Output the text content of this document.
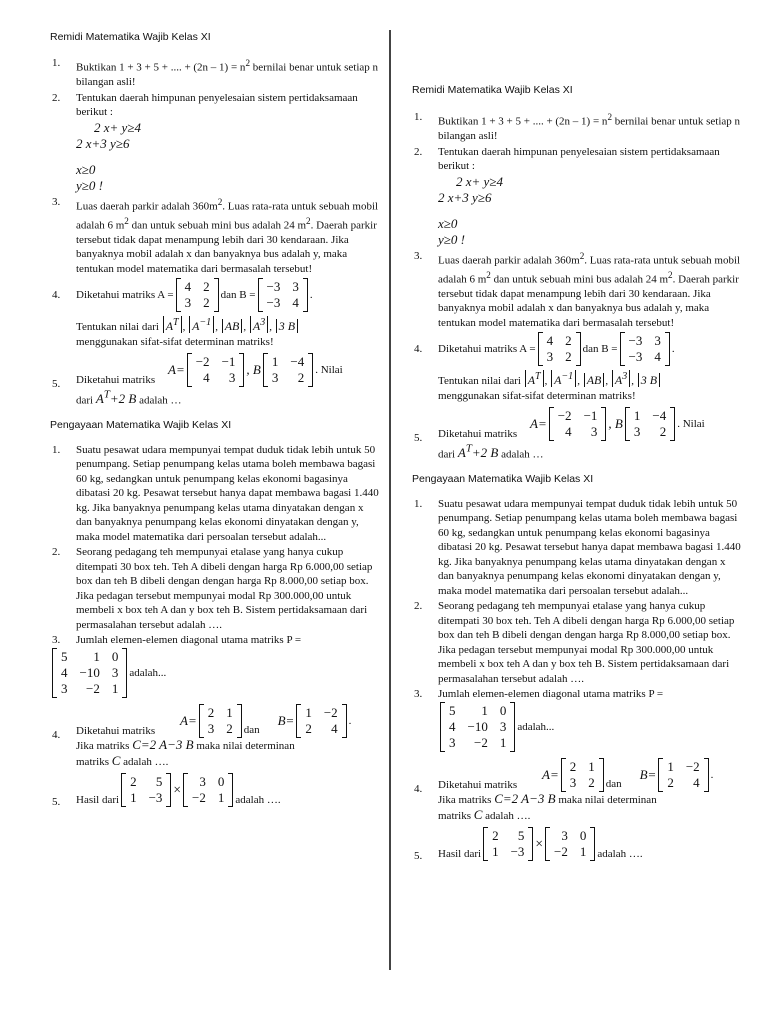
Remidi Matematika Wajib Kelas XI

1. Buktikan 1 + 3 + 5 + .... + $(2n - 1) = n^2$ bernilai benar untuk setiap n bilangan asli!
2. Tentukan daerah himpunan penyelesaian sistem pertidaksamaan berikut :
2 x+ y≥4
2 x+3 y≥6
x≥0
y≥0 !
3. Luas daerah parkir adalah $360m^2$. Luas rata-rata untuk sebuah mobil adalah 6 $m^2$ dan untuk sebuah mini bus adalah 24 $m^2$. Daerah parkir tersebut tidak dapat menampung lebih dari 30 kendaraan. Jika banyaknya mobil adalah x dan banyaknya bus adalah y, maka tentukan model matematika dari bermasalah tersebut!
4. Diketahui matriks A =
4 2
3 2
dan B =
−3 3
−3 4
.
Tentukan nilai dari $A^T$ , $A^{-1}$ , AB , $A^3$ , 3 B
menggunakan sifat-sifat determinan matriks!
A=
−2 −1
4	3
, B
1 −4
3	2
. Nilai
5. Diketahui matriks
dari $A^T+2$ B adalah …

Pengayaan Matematika Wajib Kelas XI

1. Suatu pesawat udara mempunyai tempat duduk tidak lebih untuk 50 penumpang. Setiap penumpang kelas utama boleh membawa bagasi 60 kg, sedangkan untuk penumpang kelas ekonomi bagasinya dibatasi 20 kg. Pesawat tersebut hanya dapat membawa bagasi 1.440 kg. Jika banyaknya penumpang kelas utama dinyatakan dengan x dan banyaknya penumpang kelas ekonomi dinyatakan dengan y, maka model matematika dari persoalan tersebut adalah...
2. Seorang pedagang teh mempunyai etalase yang hanya cukup ditempati 30 box teh. Teh A dibeli dengan harga Rp 6.000,00 setiap box dan teh B dibeli dengan dengan harga Rp 8.000,00 setiap box. Jika pedagan tersebut mempunyai modal Rp 300.000,00 untuk membeli x box teh A dan y box teh B. Sistem pertidaksamaan dari permasalahan tersebut adalah ….
3. Jumlah elemen-elemen diagonal utama matriks P =
5	1 0
4 −10 3
3	−2 1
adalah...
A=
2 1
3 2 dan
B=
1 −2
2	4
.
4. Diketahui matriks
Jika matriks C=2 A−3 B maka nilai determinan
matriks C adalah ….
5. Hasil dari
2	5
1 −3
×
3 0
−2 1 adalah ….

Remidi Matematika Wajib Kelas XI

1. Buktikan 1 + 3 + 5 + .... + $(2n - 1) = n^2$ bernilai benar untuk setiap n bilangan asli!
2. Tentukan daerah himpunan penyelesaian sistem pertidaksamaan berikut :
2 x+ y≥4
2 x+3 y≥6
x≥0
y≥0 !
3. Luas daerah parkir adalah $360m^2$. Luas rata-rata untuk sebuah mobil adalah 6 $m^2$ dan untuk sebuah mini bus adalah 24 $m^2$. Daerah parkir tersebut tidak dapat menampung lebih dari 30 kendaraan. Jika banyaknya mobil adalah x dan banyaknya bus adalah y, maka tentukan model matematika dari bermasalah tersebut!
4. Diketahui matriks A =
4 2
3 2
dan B =
−3 3
−3 4
.
Tentukan nilai dari $A^T$ , $A^{-1}$ , AB , $A^3$ , 3 B
menggunakan sifat-sifat determinan matriks!
A=
−2 −1
4	3
, B
1 −4
3	2
. Nilai
5. Diketahui matriks
dari $A^T+2$ B adalah …

Pengayaan Matematika Wajib Kelas XI

1. Suatu pesawat udara mempunyai tempat duduk tidak lebih untuk 50 penumpang. Setiap penumpang kelas utama boleh membawa bagasi 60 kg, sedangkan untuk penumpang kelas ekonomi bagasinya dibatasi 20 kg. Pesawat tersebut hanya dapat membawa bagasi 1.440 kg. Jika banyaknya penumpang kelas utama dinyatakan dengan x dan banyaknya penumpang kelas ekonomi dinyatakan dengan y, maka model matematika dari persoalan tersebut adalah...
2. Seorang pedagang teh mempunyai etalase yang hanya cukup ditempati 30 box teh. Teh A dibeli dengan harga Rp 6.000,00 setiap box dan teh B dibeli dengan dengan harga Rp 8.000,00 setiap box. Jika pedagan tersebut mempunyai modal Rp 300.000,00 untuk membeli x box teh A dan y box teh B. Sistem pertidaksamaan dari permasalahan tersebut adalah ….
3. Jumlah elemen-elemen diagonal utama matriks P =
5	1 0
4 −10 3
3	−2 1
adalah...
A=
2 1
3 2 dan
B=
1 −2
2	4
.
4. Diketahui matriks
Jika matriks C=2 A−3 B maka nilai determinan
matriks C adalah ….
5. Hasil dari
2	5
1 −3
×
3 0
−2 1 adalah ….
